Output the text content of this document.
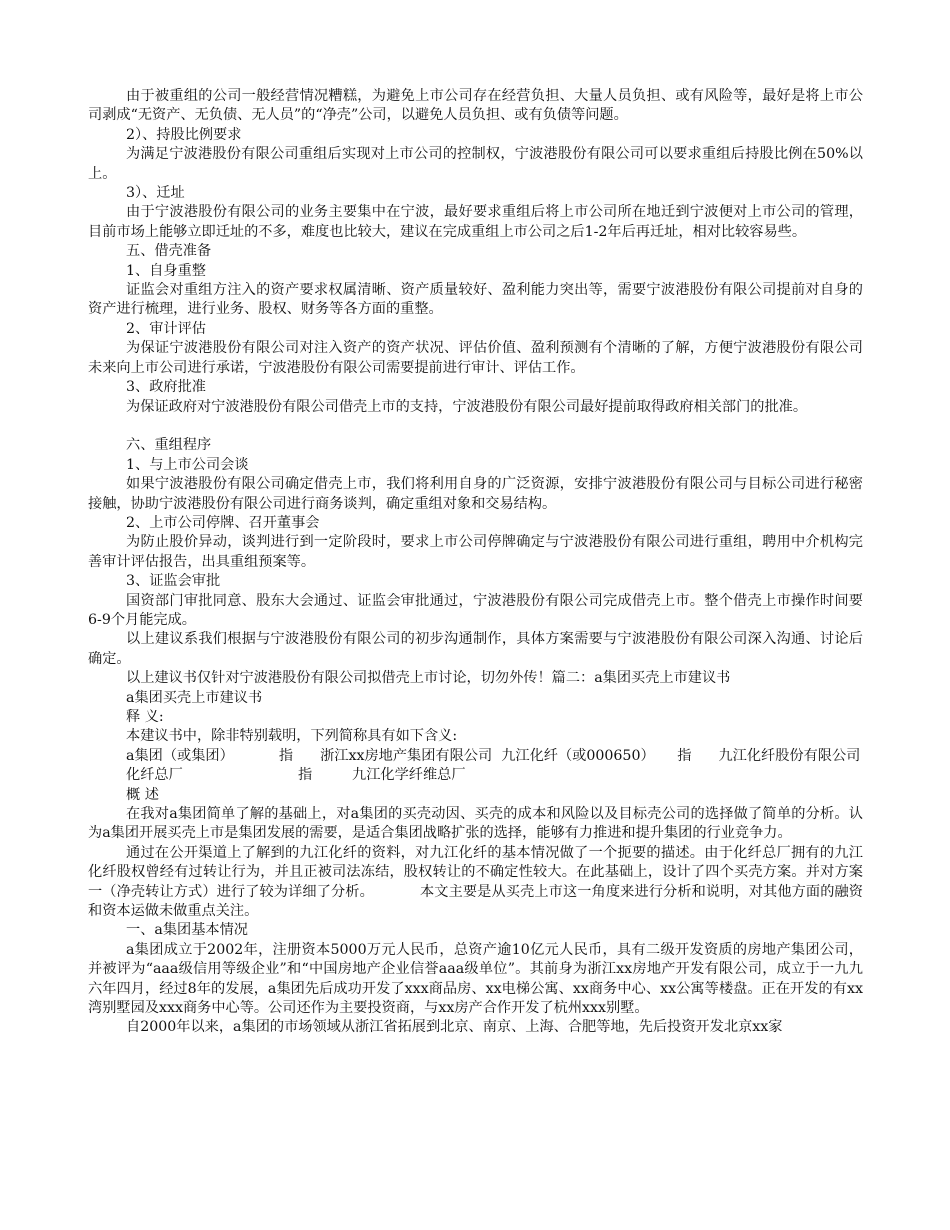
由于被重组的公司一般经营情况糟糕，为避免上市公司存在经营负担、大量人员负担、或有风险等，最好是将上市公司剥成“无资产、无负债、无人员”的“净壳”公司，以避免人员负担、或有负债等问题。

2）、持股比例要求

为满足宁波港股份有限公司重组后实现对上市公司的控制权，宁波港股份有限公司可以要求重组后持股比例在50%以上。

3）、迁址

由于宁波港股份有限公司的业务主要集中在宁波，最好要求重组后将上市公司所在地迁到宁波便对上市公司的管理，目前市场上能够立即迁址的不多，难度也比较大，建议在完成重组上市公司之后1-2年后再迁址，相对比较容易些。

五、借壳准备

1、自身重整

证监会对重组方注入的资产要求权属清晰、资产质量较好、盈利能力突出等，需要宁波港股份有限公司提前对自身的资产进行梳理，进行业务、股权、财务等各方面的重整。

2、审计评估

为保证宁波港股份有限公司对注入资产的资产状况、评估价值、盈利预测有个清晰的了解，方便宁波港股份有限公司未来向上市公司进行承诺，宁波港股份有限公司需要提前进行审计、评估工作。

3、政府批准

为保证政府对宁波港股份有限公司借壳上市的支持，宁波港股份有限公司最好提前取得政府相关部门的批准。

六、重组程序

1、与上市公司会谈

如果宁波港股份有限公司确定借壳上市，我们将利用自身的广泛资源，安排宁波港股份有限公司与目标公司进行秘密接触，协助宁波港股份有限公司进行商务谈判，确定重组对象和交易结构。

2、上市公司停牌、召开董事会

为防止股价异动，谈判进行到一定阶段时，要求上市公司停牌确定与宁波港股份有限公司进行重组，聘用中介机构完善审计评估报告，出具重组预案等。

3、证监会审批

国资部门审批同意、股东大会通过、证监会审批通过，宁波港股份有限公司完成借壳上市。整个借壳上市操作时间要6-9个月能完成。

以上建议系我们根据与宁波港股份有限公司的初步沟通制作，具体方案需要与宁波港股份有限公司深入沟通、讨论后确定。

以上建议书仅针对宁波港股份有限公司拟借壳上市讨论，切勿外传！篇二：a集团买壳上市建议书

a集团买壳上市建议书

释 义:

本建议书中，除非特别载明，下列简称具有如下含义:

a集团（或集团）          指      浙江xx房地产集团有限公司  九江化纤（或000650）     指      九江化纤股份有限公司

化纤总厂	指	九江化学纤维总厂

概 述

在我对a集团简单了解的基础上，对a集团的买壳动因、买壳的成本和风险以及目标壳公司的选择做了简单的分析。认为a集团开展买壳上市是集团发展的需要，是适合集团战略扩张的选择，能够有力推进和提升集团的行业竞争力。

通过在公开渠道上了解到的九江化纤的资料，对九江化纤的基本情况做了一个扼要的描述。由于化纤总厂拥有的九江化纤股权曾经有过转让行为，并且正被司法冻结，股权转让的不确定性较大。在此基础上，设计了四个买壳方案。并对方案一（净壳转让方式）进行了较为详细了分析。          本文主要是从买壳上市这一角度来进行分析和说明，对其他方面的融资和资本运做未做重点关注。

一、a集团基本情况

a集团成立于2002年，注册资本5000万元人民币，总资产逾10亿元人民币，具有二级开发资质的房地产集团公司，并被评为“aaa级信用等级企业”和“中国房地产企业信誉aaa级单位”。其前身为浙江xx房地产开发有限公司，成立于一九九六年四月，经过8年的发展，a集团先后成功开发了xxx商品房、xx电梯公寓、xx商务中心、xx公寓等楼盘。正在开发的有xx湾别墅园及xxx商务中心等。公司还作为主要投资商，与xx房产合作开发了杭州xxx别墅。

自2000年以来，a集团的市场领域从浙江省拓展到北京、南京、上海、合肥等地，先后投资开发北京xx家
